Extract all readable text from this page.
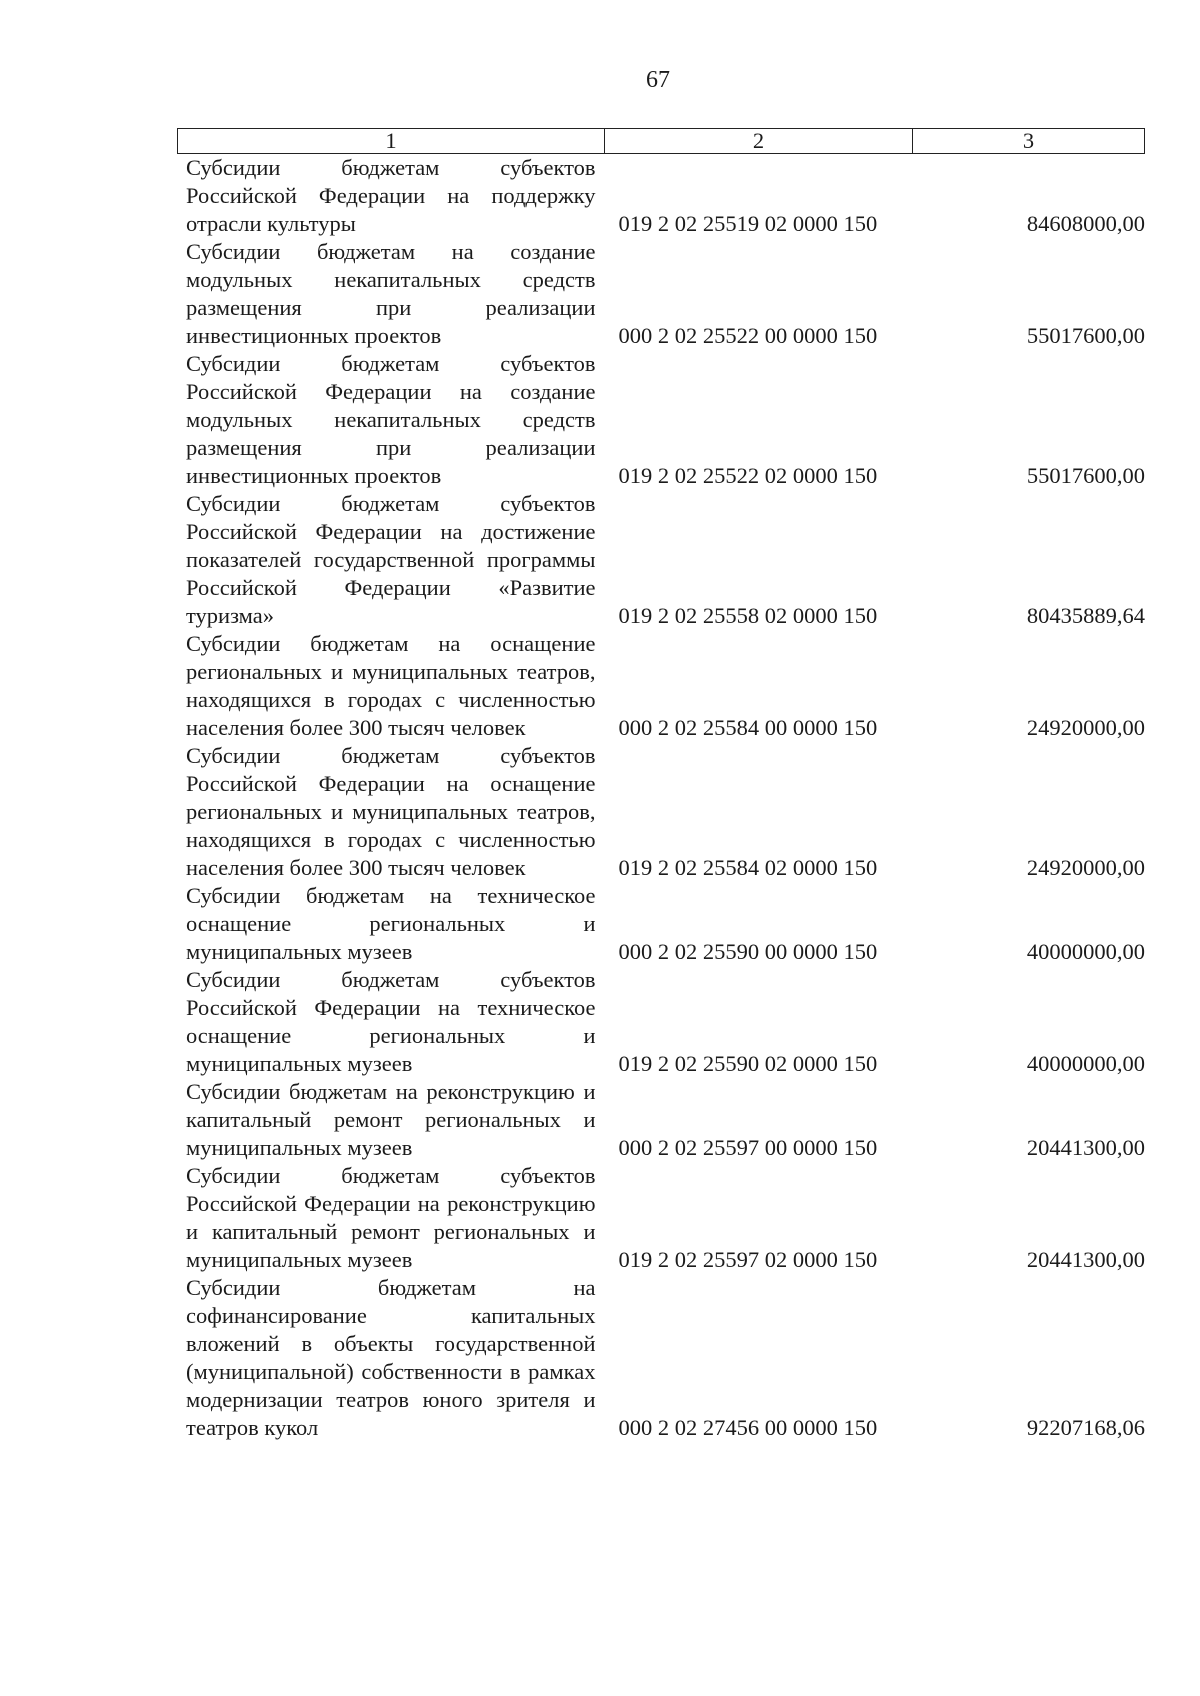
67
1	2	3
Субсидии бюджетам субъектов Российской Федерации на поддержку отрасли культуры	019 2 02 25519 02 0000 150	84608000,00
Субсидии бюджетам на создание модульных некапитальных средств размещения при реализации инвестиционных проектов	000 2 02 25522 00 0000 150	55017600,00
Субсидии бюджетам субъектов Российской Федерации на создание модульных некапитальных средств размещения при реализации инвестиционных проектов	019 2 02 25522 02 0000 150	55017600,00
Субсидии бюджетам субъектов Российской Федерации на достижение показателей государственной программы Российской Федерации «Развитие туризма»	019 2 02 25558 02 0000 150	80435889,64
Субсидии бюджетам на оснащение региональных и муниципальных театров, находящихся в городах с численностью населения более 300 тысяч человек	000 2 02 25584 00 0000 150	24920000,00
Субсидии бюджетам субъектов Российской Федерации на оснащение региональных и муниципальных театров, находящихся в городах с численностью населения более 300 тысяч человек	019 2 02 25584 02 0000 150	24920000,00
Субсидии бюджетам на техническое оснащение региональных и муниципальных музеев	000 2 02 25590 00 0000 150	40000000,00
Субсидии бюджетам субъектов Российской Федерации на техническое оснащение региональных и муниципальных музеев	019 2 02 25590 02 0000 150	40000000,00
Субсидии бюджетам на реконструкцию и капитальный ремонт региональных и муниципальных музеев	000 2 02 25597 00 0000 150	20441300,00
Субсидии бюджетам субъектов Российской Федерации на реконструкцию и капитальный ремонт региональных и муниципальных музеев	019 2 02 25597 02 0000 150	20441300,00
Субсидии бюджетам на софинансирование капитальных вложений в объекты государственной (муниципальной) собственности в рамках модернизации театров юного зрителя и театров кукол	000 2 02 27456 00 0000 150	92207168,06
